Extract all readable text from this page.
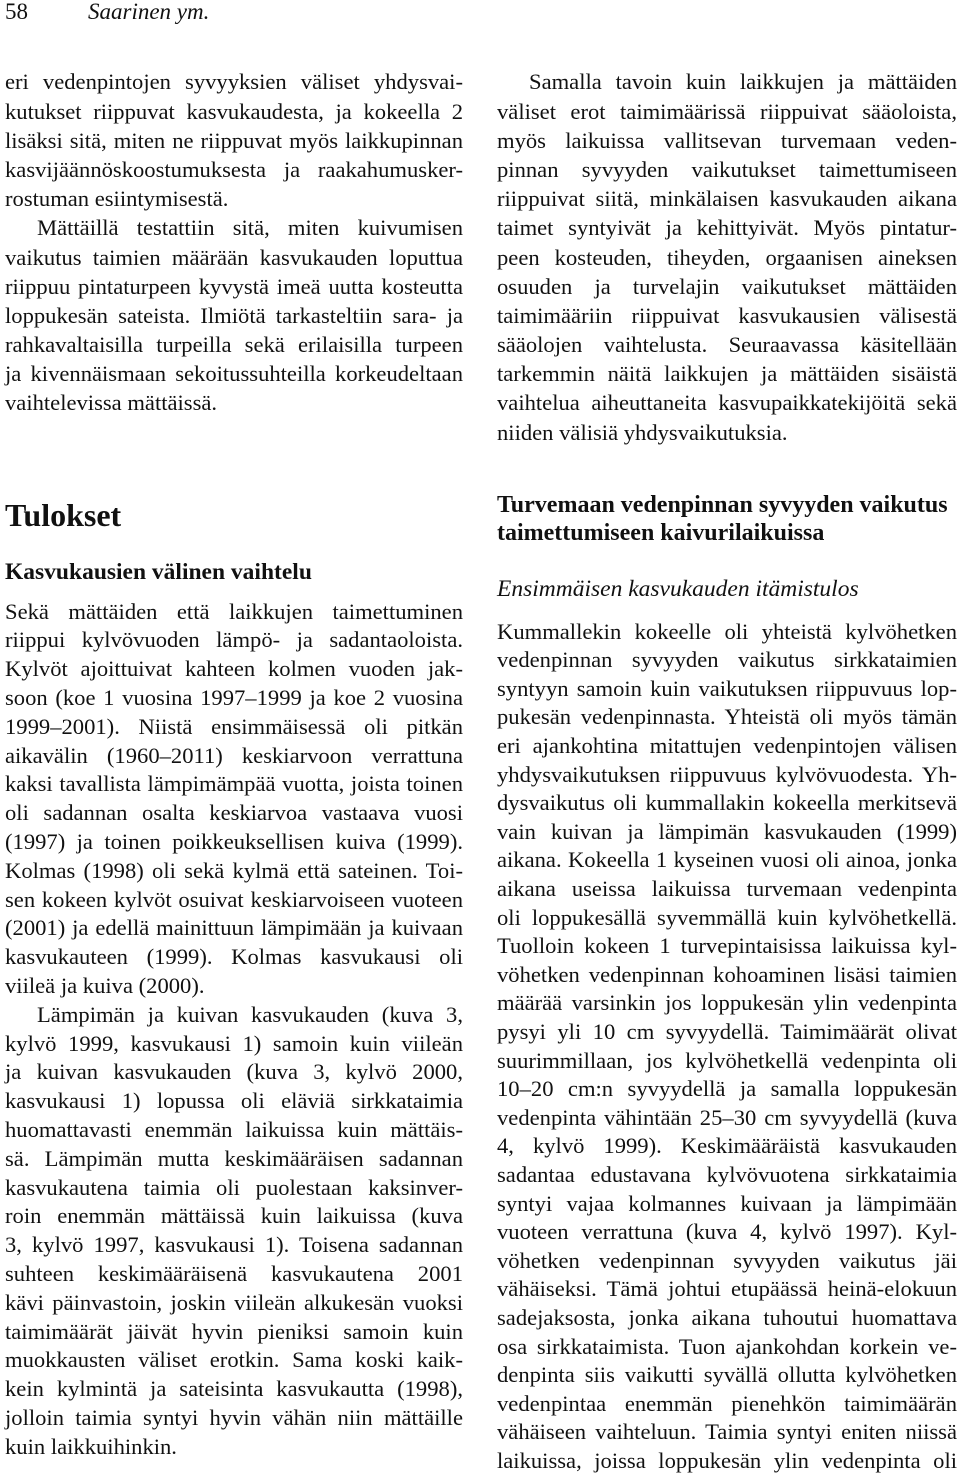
58	Saarinen ym.
eri vedenpintojen syvyyksien väliset yhdysvai-
kutukset riippuvat kasvukaudesta, ja kokeella 2
lisäksi sitä, miten ne riippuvat myös laikkupinnan
kasvijäännöskoostumuksesta ja raakahumusker-
rostuman esiintymisestä.
Mättäillä testattiin sitä, miten kuivumisen
vaikutus taimien määrään kasvukauden loputtua
riippuu pintaturpeen kyvystä imeä uutta kosteutta
loppukesän sateista. Ilmiötä tarkasteltiin sara- ja
rahkavaltaisilla turpeilla sekä erilaisilla turpeen
ja kivennäismaan sekoitussuhteilla korkeudeltaan
vaihtelevissa mättäissä.
Samalla tavoin kuin laikkujen ja mättäiden
väliset erot taimimäärissä riippuivat sääoloista,
myös laikuissa vallitsevan turvemaan veden-
pinnan syvyyden vaikutukset taimettumiseen
riippuivat siitä, minkälaisen kasvukauden aikana
taimet syntyivät ja kehittyivät. Myös pintatur-
peen kosteuden, tiheyden, orgaanisen aineksen
osuuden ja turvelajin vaikutukset mättäiden
taimimääriin riippuivat kasvukausien välisestä
sääolojen vaihtelusta. Seuraavassa käsitellään
tarkemmin näitä laikkujen ja mättäiden sisäistä
vaihtelua aiheuttaneita kasvupaikkatekijöitä sekä
niiden välisiä yhdysvaikutuksia.
Tulokset
Kasvukausien välinen vaihtelu
Sekä mättäiden että laikkujen taimettuminen
riippui kylvövuoden lämpö- ja sadantaoloista.
Kylvöt ajoittuivat kahteen kolmen vuoden jak-
soon (koe 1 vuosina 1997–1999 ja koe 2 vuosina
1999–2001). Niistä ensimmäisessä oli pitkän
aikavälin (1960–2011) keskiarvoon verrattuna
kaksi tavallista lämpimämpää vuotta, joista toinen
oli sadannan osalta keskiarvoa vastaava vuosi
(1997) ja toinen poikkeuksellisen kuiva (1999).
Kolmas (1998) oli sekä kylmä että sateinen. Toi-
sen kokeen kylvöt osuivat keskiarvoiseen vuoteen
(2001) ja edellä mainittuun lämpimään ja kuivaan
kasvukauteen (1999). Kolmas kasvukausi oli
viileä ja kuiva (2000).
Lämpimän ja kuivan kasvukauden (kuva 3,
kylvö 1999, kasvukausi 1) samoin kuin viileän
ja kuivan kasvukauden (kuva 3, kylvö 2000,
kasvukausi 1) lopussa oli eläviä sirkkataimia
huomattavasti enemmän laikuissa kuin mättäis-
sä. Lämpimän mutta keskimääräisen sadannan
kasvukautena taimia oli puolestaan kaksinver-
roin enemmän mättäissä kuin laikuissa (kuva
3, kylvö 1997, kasvukausi 1). Toisena sadannan
suhteen keskimääräisenä kasvukautena 2001
kävi päinvastoin, joskin viileän alkukesän vuoksi
taimimäärät jäivät hyvin pieniksi samoin kuin
muokkausten väliset erotkin. Sama koski kaik-
kein kylmintä ja sateisinta kasvukautta (1998),
jolloin taimia syntyi hyvin vähän niin mättäille
kuin laikkuihinkin.
Turvemaan vedenpinnan syvyyden vaikutus
taimettumiseen kaivurilaikuissa
Ensimmäisen kasvukauden itämistulos
Kummallekin kokeelle oli yhteistä kylvöhetken
vedenpinnan syvyyden vaikutus sirkkataimien
syntyyn samoin kuin vaikutuksen riippuvuus lop-
pukesän vedenpinnasta. Yhteistä oli myös tämän
eri ajankohtina mitattujen vedenpintojen välisen
yhdysvaikutuksen riippuvuus kylvövuodesta. Yh-
dysvaikutus oli kummallakin kokeella merkitsevä
vain kuivan ja lämpimän kasvukauden (1999)
aikana. Kokeella 1 kyseinen vuosi oli ainoa, jonka
aikana useissa laikuissa turvemaan vedenpinta
oli loppukesällä syvemmällä kuin kylvöhetkellä.
Tuolloin kokeen 1 turvepintaisissa laikuissa kyl-
vöhetken vedenpinnan kohoaminen lisäsi taimien
määrää varsinkin jos loppukesän ylin vedenpinta
pysyi yli 10 cm syvyydellä. Taimimäärät olivat
suurimmillaan, jos kylvöhetkellä vedenpinta oli
10–20 cm:n syvyydellä ja samalla loppukesän
vedenpinta vähintään 25–30 cm syvyydellä (kuva
4, kylvö 1999). Keskimääräistä kasvukauden
sadantaa edustavana kylvövuotena sirkkataimia
syntyi vajaa kolmannes kuivaan ja lämpimään
vuoteen verrattuna (kuva 4, kylvö 1997). Kyl-
vöhetken vedenpinnan syvyyden vaikutus jäi
vähäiseksi. Tämä johtui etupäässä heinä-elokuun
sadejaksosta, jonka aikana tuhoutui huomattava
osa sirkkataimista. Tuon ajankohdan korkein ve-
denpinta siis vaikutti syvällä ollutta kylvöhetken
vedenpintaa enemmän pienehkön taimimäärän
vähäiseen vaihteluun. Taimia syntyi eniten niissä
laikuissa, joissa loppukesän ylin vedenpinta oli
